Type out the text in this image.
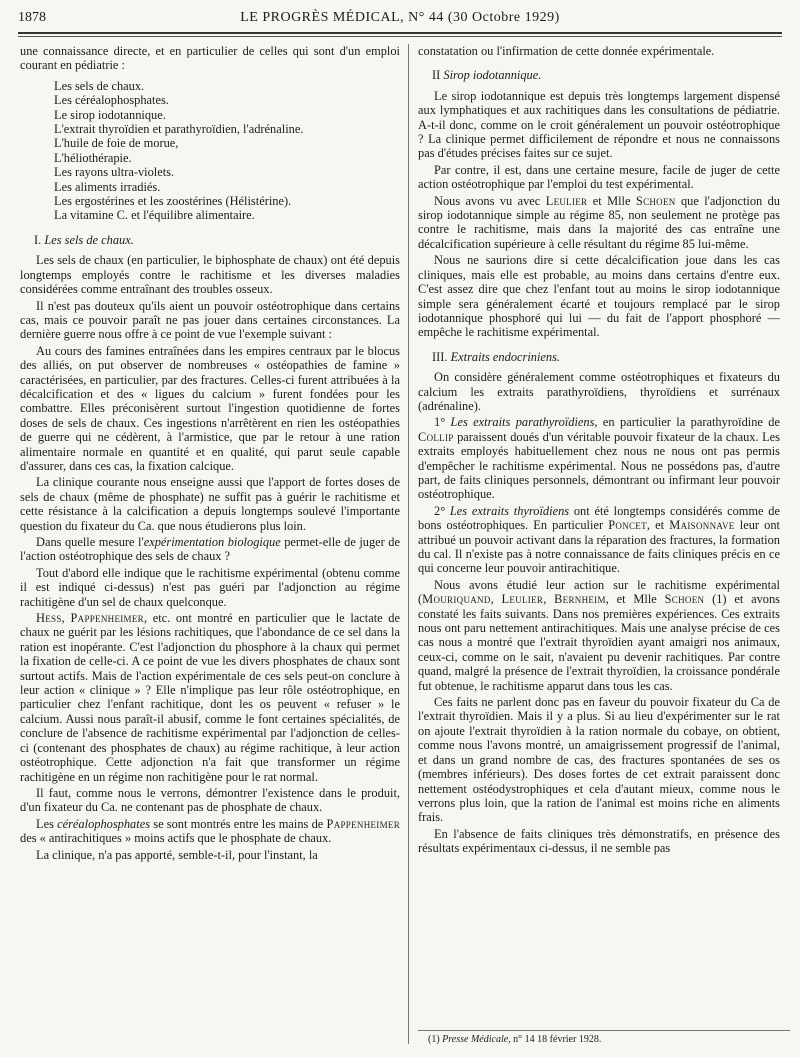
1878	LE PROGRÈS MÉDICAL, N° 44 (30 Octobre 1929)

une connaissance directe, et en particulier de celles qui sont d'un emploi courant en pédiatrie :

Les sels de chaux.
Les céréalophosphates.
Le sirop iodotannique.
L'extrait thyroïdien et parathyroïdien, l'adrénaline.
L'huile de foie de morue,
L'héliothérapie.
Les rayons ultra-violets.
Les aliments irradiés.
Les ergostérines et les zoostérines (Hélistérine).
La vitamine C. et l'équilibre alimentaire.

I. Les sels de chaux.

Les sels de chaux (en particulier, le biphosphate de chaux) ont été depuis longtemps employés contre le rachitisme et les diverses maladies considérées comme entraînant des troubles osseux.

Il n'est pas douteux qu'ils aient un pouvoir ostéotrophique dans certains cas, mais ce pouvoir paraît ne pas jouer dans certaines circonstances. La dernière guerre nous offre à ce point de vue l'exemple suivant :

Au cours des famines entraînées dans les empires centraux par le blocus des alliés, on put observer de nombreuses « ostéopathies de famine » caractérisées, en particulier, par des fractures. Celles-ci furent attribuées à la décalcification et des « ligues du calcium » furent fondées pour les combattre. Elles préconisèrent surtout l'ingestion quotidienne de fortes doses de sels de chaux. Ces ingestions n'arrêtèrent en rien les ostéopathies de guerre qui ne cédèrent, à l'armistice, que par le retour à une ration alimentaire normale en quantité et en qualité, qui parut seule capable d'assurer, dans ces cas, la fixation calcique.

La clinique courante nous enseigne aussi que l'apport de fortes doses de sels de chaux (même de phosphate) ne suffit pas à guérir le rachitisme et cette résistance à la calcification a depuis longtemps soulevé l'importante question du fixateur du Ca. que nous étudierons plus loin.

Dans quelle mesure l'expérimentation biologique permet-elle de juger de l'action ostéotrophique des sels de chaux ?

Tout d'abord elle indique que le rachitisme expérimental (obtenu comme il est indiqué ci-dessus) n'est pas guéri par l'adjonction au régime rachitigène d'un sel de chaux quelconque.

Hess, Pappenheimer, etc. ont montré en particulier que le lactate de chaux ne guérit par les lésions rachitiques, que l'abondance de ce sel dans la ration est inopérante. C'est l'adjonction du phosphore à la chaux qui permet la fixation de celle-ci. A ce point de vue les divers phosphates de chaux sont surtout actifs. Mais de l'action expérimentale de ces sels peut-on conclure à leur action « clinique » ? Elle n'implique pas leur rôle ostéotrophique, en particulier chez l'enfant rachitique, dont les os peuvent « refuser » le calcium. Aussi nous paraît-il abusif, comme le font certaines spécialités, de conclure de l'absence de rachitisme expérimental par l'adjonction de celles-ci (contenant des phosphates de chaux) au régime rachitique, à leur action ostéotrophique. Cette adjonction n'a fait que transformer un régime rachitigène en un régime non rachitigène pour le rat normal.

Il faut, comme nous le verrons, démontrer l'existence dans le produit, d'un fixateur du Ca. ne contenant pas de phosphate de chaux.

Les céréalophosphates se sont montrés entre les mains de Pappenheimer des « antirachitiques » moins actifs que le phosphate de chaux.

La clinique, n'a pas apporté, semble-t-il, pour l'instant, la

constatation ou l'infirmation de cette donnée expérimentale.

II Sirop iodotannique.

Le sirop iodotannique est depuis très longtemps largement dispensé aux lymphatiques et aux rachitiques dans les consultations de pédiatrie. A-t-il donc, comme on le croit généralement un pouvoir ostéotrophique ? La clinique permet difficilement de répondre et nous ne connaissons pas d'études précises faites sur ce sujet.

Par contre, il est, dans une certaine mesure, facile de juger de cette action ostéotrophique par l'emploi du test expérimental.

Nous avons vu avec Leulier et Mlle Schoen que l'adjonction du sirop iodotannique simple au régime 85, non seulement ne protège pas contre le rachitisme, mais dans la majorité des cas entraîne une décalcification supérieure à celle résultant du régime 85 lui-même.

Nous ne saurions dire si cette décalcification joue dans les cas cliniques, mais elle est probable, au moins dans certains d'entre eux. C'est assez dire que chez l'enfant tout au moins le sirop iodotannique simple sera généralement écarté et toujours remplacé par le sirop iodotannique phosphoré qui lui — du fait de l'apport phosphoré — empêche le rachitisme expérimental.

III. Extraits endocriniens.

On considère généralement comme ostéotrophiques et fixateurs du calcium les extraits parathyroïdiens, thyroïdiens et surrénaux (adrénaline).

1° Les extraits parathyroïdiens, en particulier la parathyroïdine de Collip paraissent doués d'un véritable pouvoir fixateur de la chaux. Les extraits employés habituellement chez nous ne nous ont pas permis d'empêcher le rachitisme expérimental. Nous ne possédons pas, d'autre part, de faits cliniques personnels, démontrant ou infirmant leur pouvoir ostéotrophique.

2° Les extraits thyroïdiens ont été longtemps considérés comme de bons ostéotrophiques. En particulier Poncet, et Maisonnave leur ont attribué un pouvoir activant dans la réparation des fractures, la formation du cal. Il n'existe pas à notre connaissance de faits cliniques précis en ce qui concerne leur pouvoir antirachitique.

Nous avons étudié leur action sur le rachitisme expérimental (Mouriquand, Leulier, Bernheim, et Mlle Schoen (1) et avons constaté les faits suivants. Dans nos premières expériences. Ces extraits nous ont paru nettement antirachitiques. Mais une analyse précise de ces cas nous a montré que l'extrait thyroïdien ayant amaigri nos animaux, ceux-ci, comme on le sait, n'avaient pu devenir rachitiques. Par contre quand, malgré la présence de l'extrait thyroïdien, la croissance pondérale fut obtenue, le rachitisme apparut dans tous les cas.

Ces faits ne parlent donc pas en faveur du pouvoir fixateur du Ca de l'extrait thyroïdien. Mais il y a plus. Si au lieu d'expérimenter sur le rat on ajoute l'extrait thyroïdien à la ration normale du cobaye, on obtient, comme nous l'avons montré, un amaigrissement progressif de l'animal, et dans un grand nombre de cas, des fractures spontanées de ses os (membres inférieurs). Des doses fortes de cet extrait paraissent donc nettement ostéodystrophiques et cela d'autant mieux, comme nous le verrons plus loin, que la ration de l'animal est moins riche en aliments frais.

En l'absence de faits cliniques très démonstratifs, en présence des résultats expérimentaux ci-dessus, il ne semble pas

(1) Presse Médicale, n° 14 18 février 1928.
